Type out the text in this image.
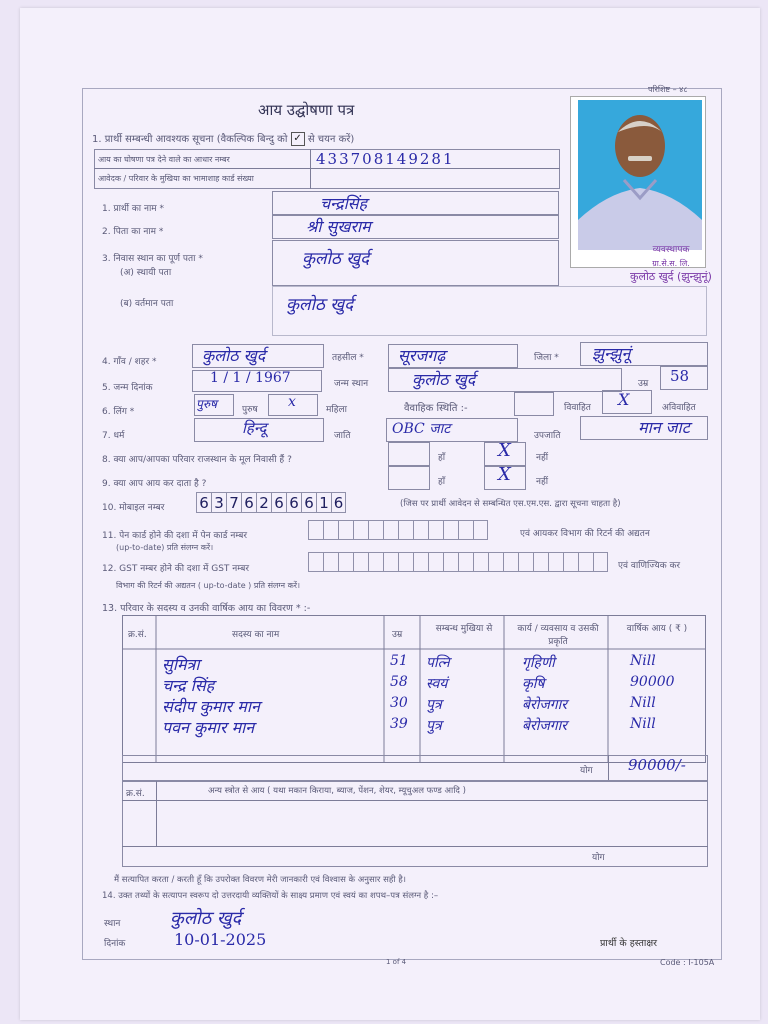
परिशिष्ट – ४८
आय उद्घोषणा पत्र
1. प्रार्थी सम्बन्धी आवश्यक सूचना (वैकल्पिक बिन्दु को ✓ से चयन करें)
आय का घोषणा पत्र देने वाले का आधार नम्बर
आवेदक / परिवार के मुखिया का भामाशाह कार्ड संख्या
433708149281
1. प्रार्थी का नाम *	चन्द्रसिंह
2. पिता का नाम *	श्री सुखराम
3. निवास स्थान का पूर्ण पता *
(अ) स्थायी पता
कुलोठ खुर्द
(ब) वर्तमान पता	कुलोठ खुर्द
व्यवस्थापक
ग्रा.से.स. लि.
कुलोठ खुर्द (झुन्झुनूं)
4. गाँव / शहर *	कुलोठ खुर्द	तहसील * सूरजगढ़	जिला * झुन्झुनूं
5. जन्म दिनांक
1 / 1 / 1967	जन्म स्थान	कुलोठ खुर्द	उम्र 58
6. लिंग *
पुरुष	पुरुष x	महिला	वैवाहिक स्थिति :-	विवाहित X	अविवाहित
7. धर्म	हिन्दू	जाति	OBC जाट	उपजाति	मान जाट
8. क्या आप/आपका परिवार राजस्थान के मूल निवासी हैं ?	हाँ	X	नहीं
9. क्या आप आय कर दाता है ?	हाँ	X	नहीं
10. मोबाइल नम्बर 6 3 7 6 2 6 6 6 1 6	(जिस पर प्रार्थी आवेदन से सम्बन्धित एस.एम.एस. द्वारा सूचना चाहता है)
11. पेन कार्ड होने की दशा में पेन कार्ड नम्बर
(up-to-date) प्रति संलग्न करें।
एवं आयकर विभाग की रिटर्न की अद्यतन
12. GST नम्बर होने की दशा में GST नम्बर
विभाग की रिटर्न की अद्यतन ( up-to-date ) प्रति संलग्न करें।
एवं वाणिज्यिक कर
13. परिवार के सदस्य व उनकी वार्षिक आय का विवरण * :-
क्र.सं.	सदस्य का नाम	उम्र
सम्बन्ध मुखिया से	कार्य / व्यवसाय व उसकी प्रकृति
वार्षिक आय ( ₹ )
सुमित्रा	51 पत्नि	गृहिणी	Nill
चन्द्र सिंह	58 स्वयं	कृषि	90000
संदीप कुमार मान	30 पुत्र	बेरोजगार	Nill
पवन कुमार मान	39 पुत्र	बेरोजगार	Nill
योग 90000/-
क्र.सं.	अन्य स्त्रोत से आय ( यथा मकान किराया, ब्याज, पेंशन, शेयर, म्यूचुअल फण्ड आदि )
योग
मैं सत्यापित करता / करती हूँ कि उपरोक्त विवरण मेरी जानकारी एवं विश्वास के अनुसार सही है।
14. उक्त तथ्यों के सत्यापन स्वरूप दो उत्तरदायी व्यक्तियों के साक्ष्य प्रमाण एवं स्वयं का शपथ–पत्र संलग्न है :–
स्थान	कुलोठ खुर्द
दिनांक	10-01-2025	प्रार्थी के हस्ताक्षर
1 of 4	Code : I-105A
